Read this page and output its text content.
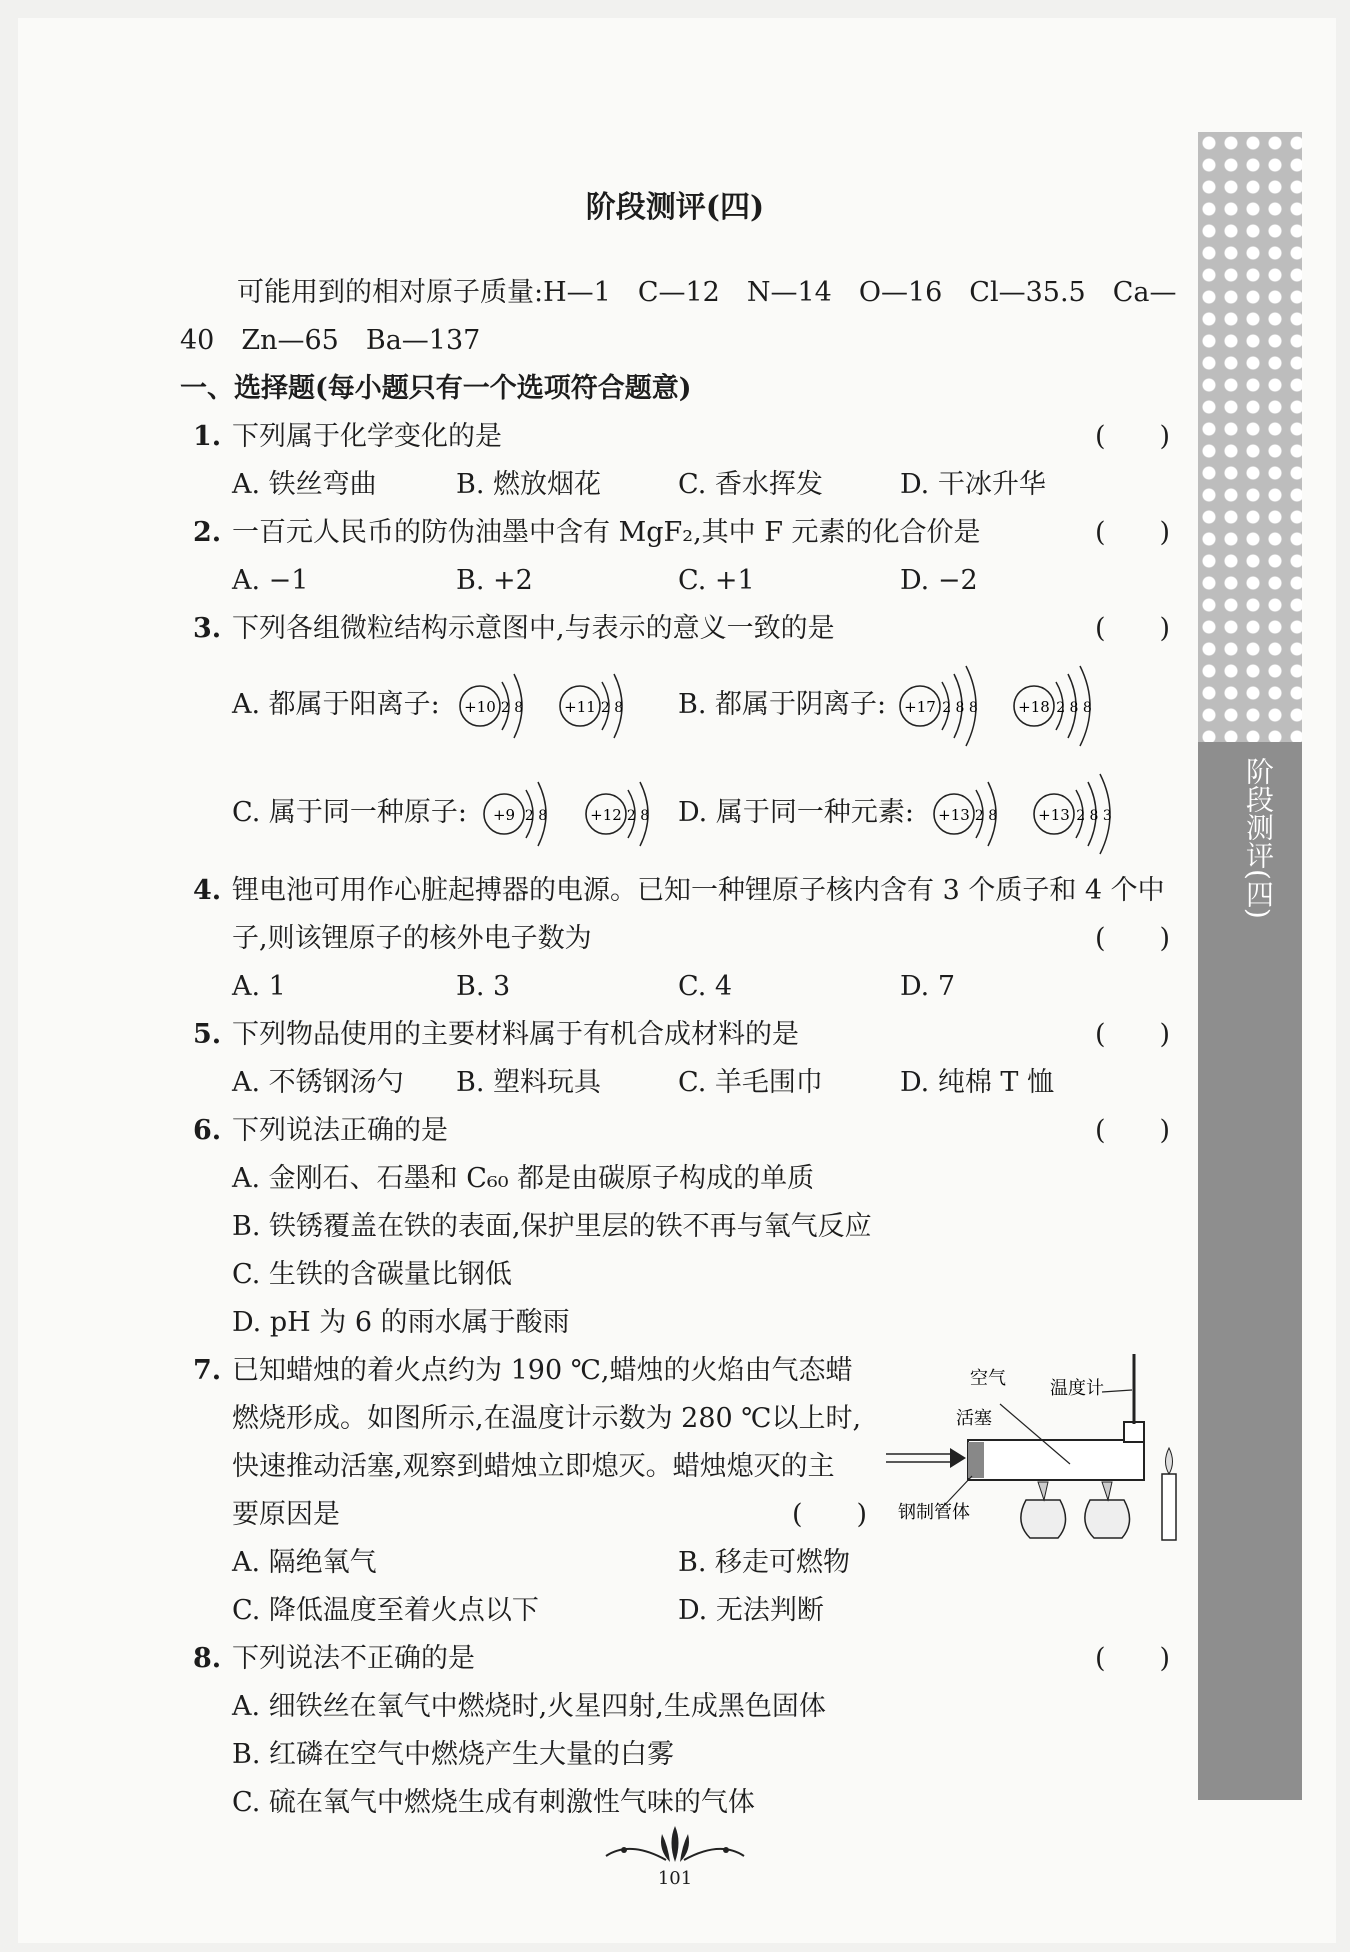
阶段测评(四)
阶段测评(四)
可能用到的相对原子质量:H—1　C—12　N—14　O—16　Cl—35.5　Ca—
40　Zn—65　Ba—137
一、选择题(每小题只有一个选项符合题意)
1. 下列属于化学变化的是	(　　)
A. 铁丝弯曲	B. 燃放烟花	C. 香水挥发	D. 干冰升华
2. 一百元人民币的防伪油墨中含有 MgF₂,其中 F 元素的化合价是	(　　)
A. −1	B. +2	C. +1	D. −2
3. 下列各组微粒结构示意图中,与表示的意义一致的是	(　　)
A. 都属于阳离子:	B. 都属于阴离子:
C. 属于同一种原子:	D. 属于同一种元素:
+10 2 8	+11 2 8	+17 2 8 8	+18 2 8 8
+9 2 8	+12 2 8	+13 2 8	+13 2 8 3
4. 锂电池可用作心脏起搏器的电源。已知一种锂原子核内含有 3 个质子和 4 个中
子,则该锂原子的核外电子数为	(　　)
A. 1	B. 3	C. 4	D. 7
5. 下列物品使用的主要材料属于有机合成材料的是	(　　)
A. 不锈钢汤勺 B. 塑料玩具	C. 羊毛围巾	D. 纯棉 T 恤
6. 下列说法正确的是	(　　)
A. 金刚石、石墨和 C₆₀ 都是由碳原子构成的单质
B. 铁锈覆盖在铁的表面,保护里层的铁不再与氧气反应
C. 生铁的含碳量比钢低
D. pH 为 6 的雨水属于酸雨
7. 已知蜡烛的着火点约为 190 ℃,蜡烛的火焰由气态蜡
燃烧形成。如图所示,在温度计示数为 280 ℃以上时,
快速推动活塞,观察到蜡烛立即熄灭。蜡烛熄灭的主
要原因是	(　　)
A. 隔绝氧气	B. 移走可燃物
C. 降低温度至着火点以下	D. 无法判断
空气 温度计
活塞
钢制管体
8. 下列说法不正确的是	(　　)
A. 细铁丝在氧气中燃烧时,火星四射,生成黑色固体
B. 红磷在空气中燃烧产生大量的白雾
C. 硫在氧气中燃烧生成有刺激性气味的气体
101
